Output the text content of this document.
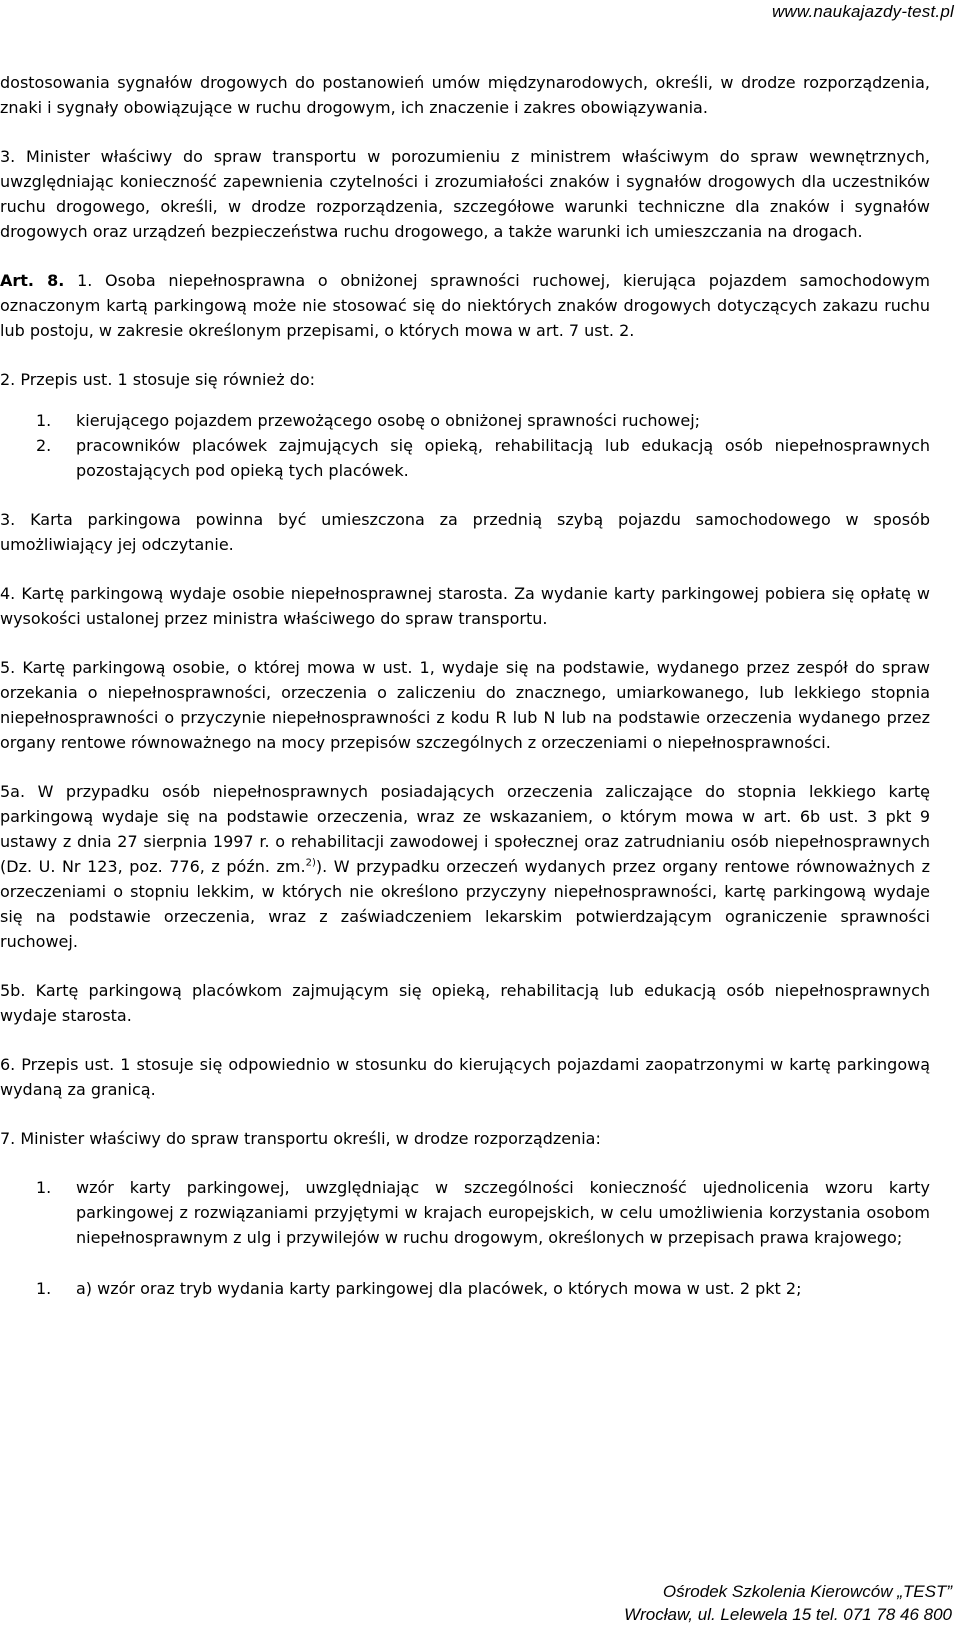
www.naukajazdy-test.pl

dostosowania sygnałów drogowych do postanowień umów międzynarodowych, określi, w drodze rozporządzenia, znaki i sygnały obowiązujące w ruchu drogowym, ich znaczenie i zakres obowiązywania.

3. Minister właściwy do spraw transportu w porozumieniu z ministrem właściwym do spraw wewnętrznych, uwzględniając konieczność zapewnienia czytelności i zrozumiałości znaków i sygnałów drogowych dla uczestników ruchu drogowego, określi, w drodze rozporządzenia, szczegółowe warunki techniczne dla znaków i sygnałów drogowych oraz urządzeń bezpieczeństwa ruchu drogowego, a także warunki ich umieszczania na drogach.

Art. 8. 1. Osoba niepełnosprawna o obniżonej sprawności ruchowej, kierująca pojazdem samochodowym oznaczonym kartą parkingową może nie stosować się do niektórych znaków drogowych dotyczących zakazu ruchu lub postoju, w zakresie określonym przepisami, o których mowa w art. 7 ust. 2.

2. Przepis ust. 1 stosuje się również do:

1.	kierującego pojazdem przewożącego osobę o obniżonej sprawności ruchowej;
2.	pracowników placówek zajmujących się opieką, rehabilitacją lub edukacją osób niepełnosprawnych pozostających pod opieką tych placówek.

3. Karta parkingowa powinna być umieszczona za przednią szybą pojazdu samochodowego w sposób umożliwiający jej odczytanie.

4. Kartę parkingową wydaje osobie niepełnosprawnej starosta. Za wydanie karty parkingowej pobiera się opłatę w wysokości ustalonej przez ministra właściwego do spraw transportu.

5. Kartę parkingową osobie, o której mowa w ust. 1, wydaje się na podstawie, wydanego przez zespół do spraw orzekania o niepełnosprawności, orzeczenia o zaliczeniu do znacznego, umiarkowanego, lub lekkiego stopnia niepełnosprawności o przyczynie niepełnosprawności z kodu R lub N lub na podstawie orzeczenia wydanego przez organy rentowe równoważnego na mocy przepisów szczególnych z orzeczeniami o niepełnosprawności.

5a. W przypadku osób niepełnosprawnych posiadających orzeczenia zaliczające do stopnia lekkiego kartę parkingową wydaje się na podstawie orzeczenia, wraz ze wskazaniem, o którym mowa w art. 6b ust. 3 pkt 9 ustawy z dnia 27 sierpnia 1997 r. o rehabilitacji zawodowej i społecznej oraz zatrudnianiu osób niepełnosprawnych (Dz. U. Nr 123, poz. 776, z późn. zm.$^{2)}$). W przypadku orzeczeń wydanych przez organy rentowe równoważnych z orzeczeniami o stopniu lekkim, w których nie określono przyczyny niepełnosprawności, kartę parkingową wydaje się na podstawie orzeczenia, wraz z zaświadczeniem lekarskim potwierdzającym ograniczenie sprawności ruchowej.

5b. Kartę parkingową placówkom zajmującym się opieką, rehabilitacją lub edukacją osób niepełnosprawnych wydaje starosta.

6. Przepis ust. 1 stosuje się odpowiednio w stosunku do kierujących pojazdami zaopatrzonymi w kartę parkingową wydaną za granicą.

7. Minister właściwy do spraw transportu określi, w drodze rozporządzenia:

1.	wzór karty parkingowej, uwzględniając w szczególności konieczność ujednolicenia wzoru karty parkingowej z rozwiązaniami przyjętymi w krajach europejskich, w celu umożliwienia korzystania osobom niepełnosprawnym z ulg i przywilejów w ruchu drogowym, określonych w przepisach prawa krajowego;
1.	a) wzór oraz tryb wydania karty parkingowej dla placówek, o których mowa w ust. 2 pkt 2;
Ośrodek Szkolenia Kierowców „TEST”
Wrocław, ul. Lelewela 15 tel. 071 78 46 800
